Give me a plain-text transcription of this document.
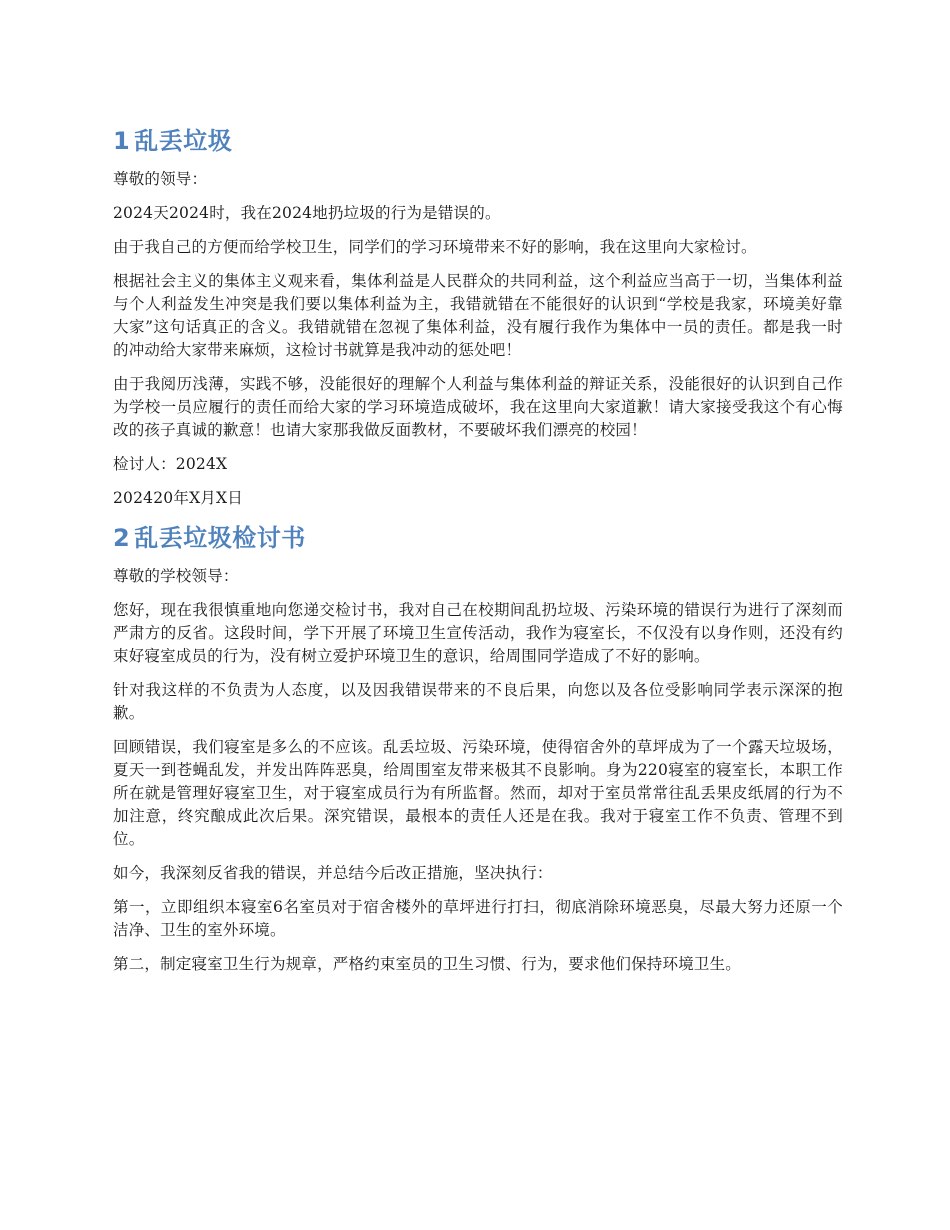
1 乱丢垃圾

尊敬的领导：

2024天2024时，我在2024地扔垃圾的行为是错误的。

由于我自己的方便而给学校卫生，同学们的学习环境带来不好的影响，我在这里向大家检讨。

根据社会主义的集体主义观来看，集体利益是人民群众的共同利益，这个利益应当高于一切，当集体利益与个人利益发生冲突是我们要以集体利益为主，我错就错在不能很好的认识到“学校是我家，环境美好靠大家”这句话真正的含义。我错就错在忽视了集体利益，没有履行我作为集体中一员的责任。都是我一时的冲动给大家带来麻烦，这检讨书就算是我冲动的惩处吧！

由于我阅历浅薄，实践不够，没能很好的理解个人利益与集体利益的辩证关系，没能很好的认识到自己作为学校一员应履行的责任而给大家的学习环境造成破坏，我在这里向大家道歉！请大家接受我这个有心悔改的孩子真诚的歉意！也请大家那我做反面教材，不要破坏我们漂亮的校园！

检讨人：2024X

202420年X月X日

2 乱丢垃圾检讨书

尊敬的学校领导：

您好，现在我很慎重地向您递交检讨书，我对自己在校期间乱扔垃圾、污染环境的错误行为进行了深刻而严肃方的反省。这段时间，学下开展了环境卫生宣传活动，我作为寝室长，不仅没有以身作则，还没有约束好寝室成员的行为，没有树立爱护环境卫生的意识，给周围同学造成了不好的影响。

针对我这样的不负责为人态度，以及因我错误带来的不良后果，向您以及各位受影响同学表示深深的抱歉。

回顾错误，我们寝室是多么的不应该。乱丢垃圾、污染环境，使得宿舍外的草坪成为了一个露天垃圾场，夏天一到苍蝇乱发，并发出阵阵恶臭，给周围室友带来极其不良影响。身为220寝室的寝室长，本职工作所在就是管理好寝室卫生，对于寝室成员行为有所监督。然而，却对于室员常常往乱丢果皮纸屑的行为不加注意，终究酿成此次后果。深究错误，最根本的责任人还是在我。我对于寝室工作不负责、管理不到位。

如今，我深刻反省我的错误，并总结今后改正措施，坚决执行：

第一，立即组织本寝室6名室员对于宿舍楼外的草坪进行打扫，彻底消除环境恶臭，尽最大努力还原一个洁净、卫生的室外环境。

第二，制定寝室卫生行为规章，严格约束室员的卫生习惯、行为，要求他们保持环境卫生。
